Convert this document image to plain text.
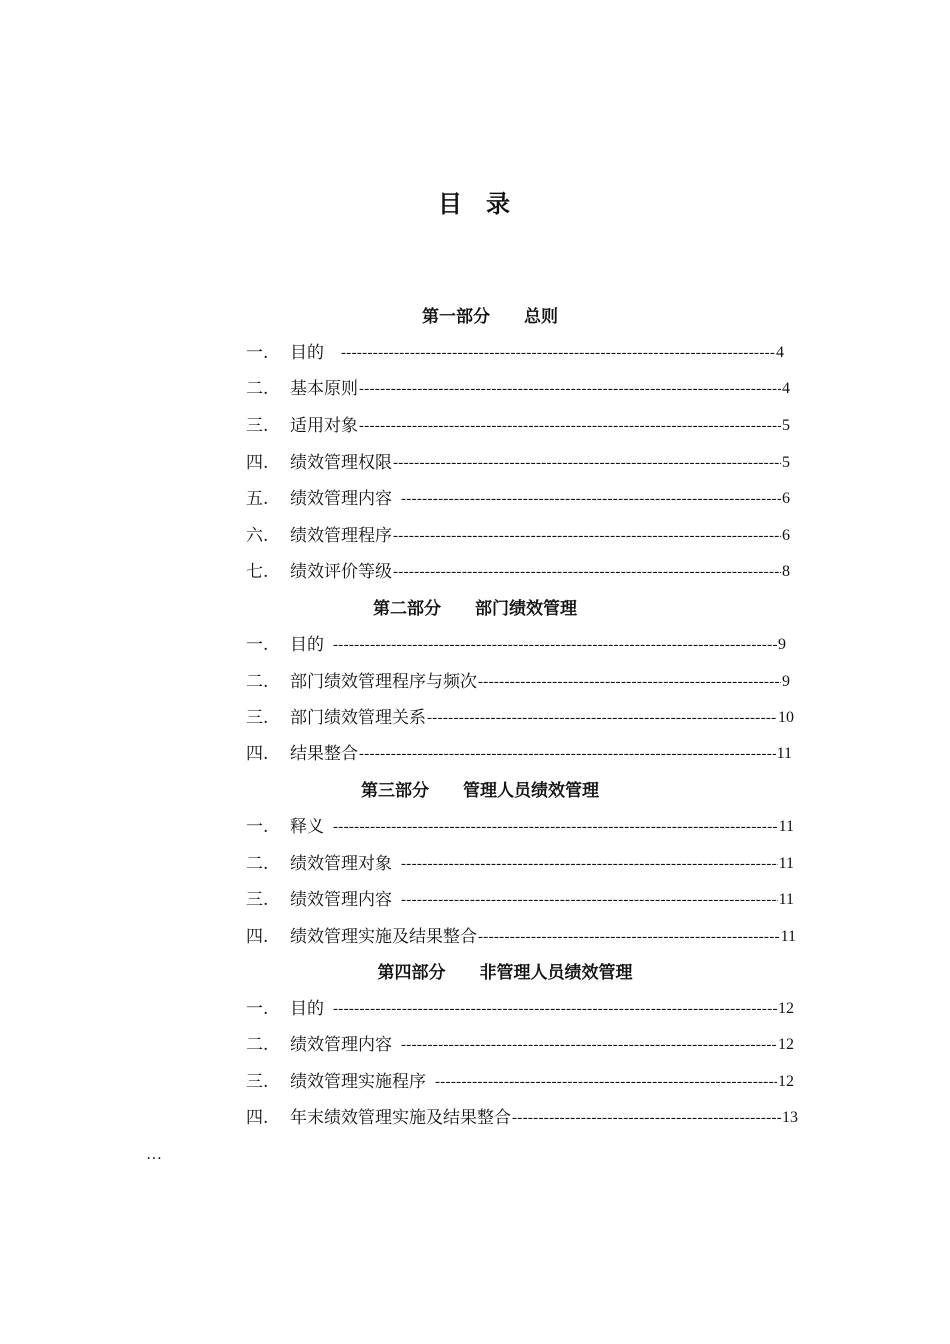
目 录
第一部分 总则
一.	目的 -----	4
二.	基本原则 -----	4
三.	适用对象 -----	5
四.	绩效管理权限 -----	5
五.	绩效管理内容 -----	6
六.	绩效管理程序 -----	6
七.	绩效评价等级 -----	8
第二部分 部门绩效管理
一.	目的 -----	9
二.	部门绩效管理程序与频次 -----	9
三.	部门绩效管理关系 -----	10
四.	结果整合 -----	11
第三部分 管理人员绩效管理
一.	释义 -----	11
二.	绩效管理对象 -----	11
三.	绩效管理内容 -----	11
四.	绩效管理实施及结果整合 -----	11
第四部分 非管理人员绩效管理
一.	目的 -----	12
二.	绩效管理内容 -----	12
三.	绩效管理实施程序 -----	12
四.	年末绩效管理实施及结果整合 -----	13
…
